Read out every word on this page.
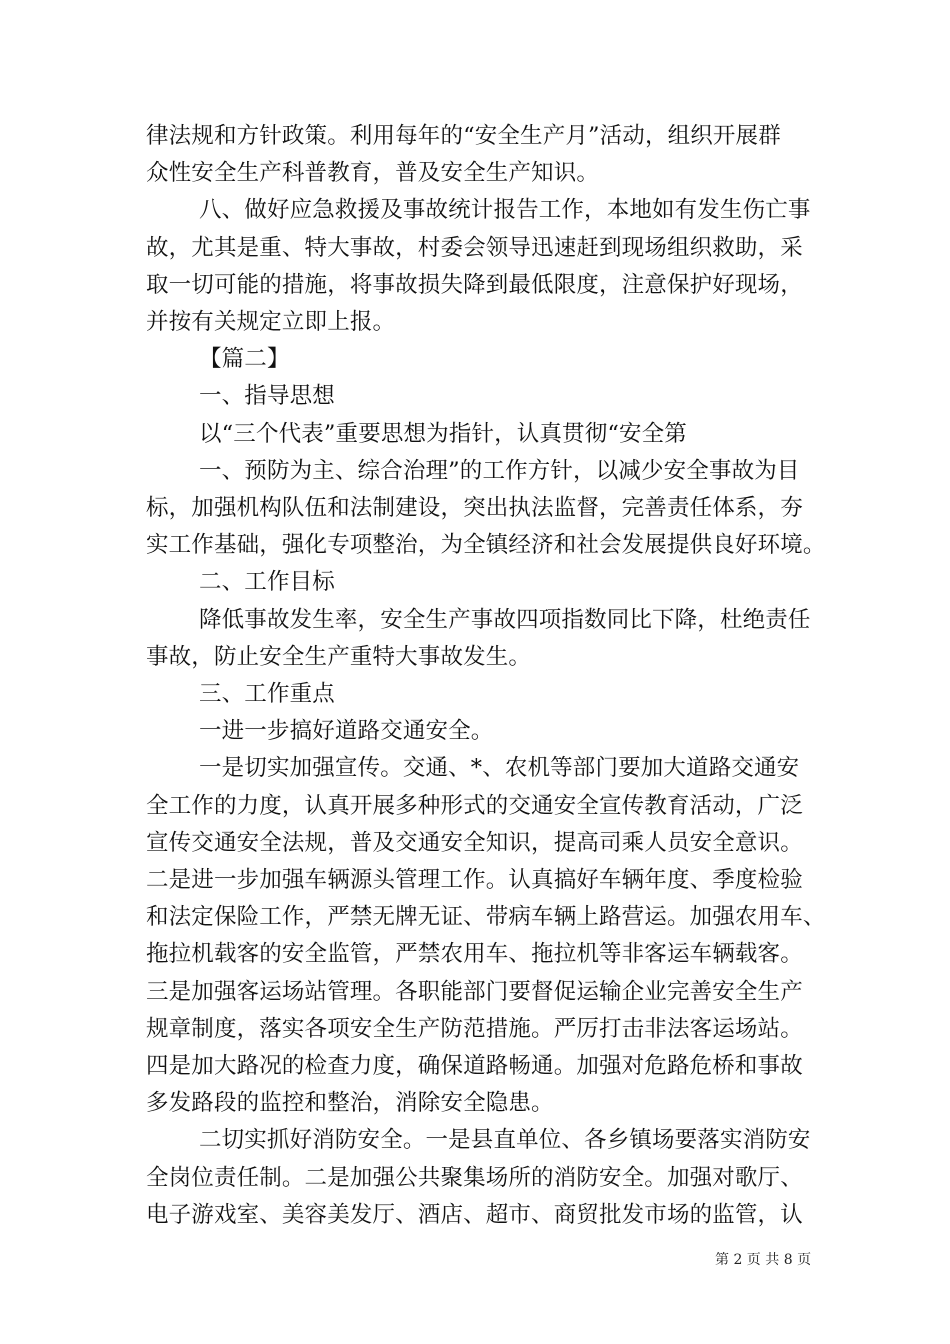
律法规和方针政策。利用每年的“安全生产月”活动，组织开展群
众性安全生产科普教育，普及安全生产知识。
八、做好应急救援及事故统计报告工作，本地如有发生伤亡事
故，尤其是重、特大事故，村委会领导迅速赶到现场组织救助，采
取一切可能的措施，将事故损失降到最低限度，注意保护好现场，
并按有关规定立即上报。
【篇二】
一、指导思想
以“三个代表”重要思想为指针，认真贯彻“安全第
一、预防为主、综合治理”的工作方针，以减少安全事故为目
标，加强机构队伍和法制建设，突出执法监督，完善责任体系，夯
实工作基础，强化专项整治，为全镇经济和社会发展提供良好环境。
二、工作目标
降低事故发生率，安全生产事故四项指数同比下降，杜绝责任
事故，防止安全生产重特大事故发生。
三、工作重点
一进一步搞好道路交通安全。
一是切实加强宣传。交通、*、农机等部门要加大道路交通安
全工作的力度，认真开展多种形式的交通安全宣传教育活动，广泛
宣传交通安全法规，普及交通安全知识，提高司乘人员安全意识。
二是进一步加强车辆源头管理工作。认真搞好车辆年度、季度检验
和法定保险工作，严禁无牌无证、带病车辆上路营运。加强农用车、
拖拉机载客的安全监管，严禁农用车、拖拉机等非客运车辆载客。
三是加强客运场站管理。各职能部门要督促运输企业完善安全生产
规章制度，落实各项安全生产防范措施。严厉打击非法客运场站。
四是加大路况的检查力度，确保道路畅通。加强对危路危桥和事故
多发路段的监控和整治，消除安全隐患。
二切实抓好消防安全。一是县直单位、各乡镇场要落实消防安
全岗位责任制。二是加强公共聚集场所的消防安全。加强对歌厅、
电子游戏室、美容美发厅、酒店、超市、商贸批发市场的监管，认
第 2 页 共 8 页
